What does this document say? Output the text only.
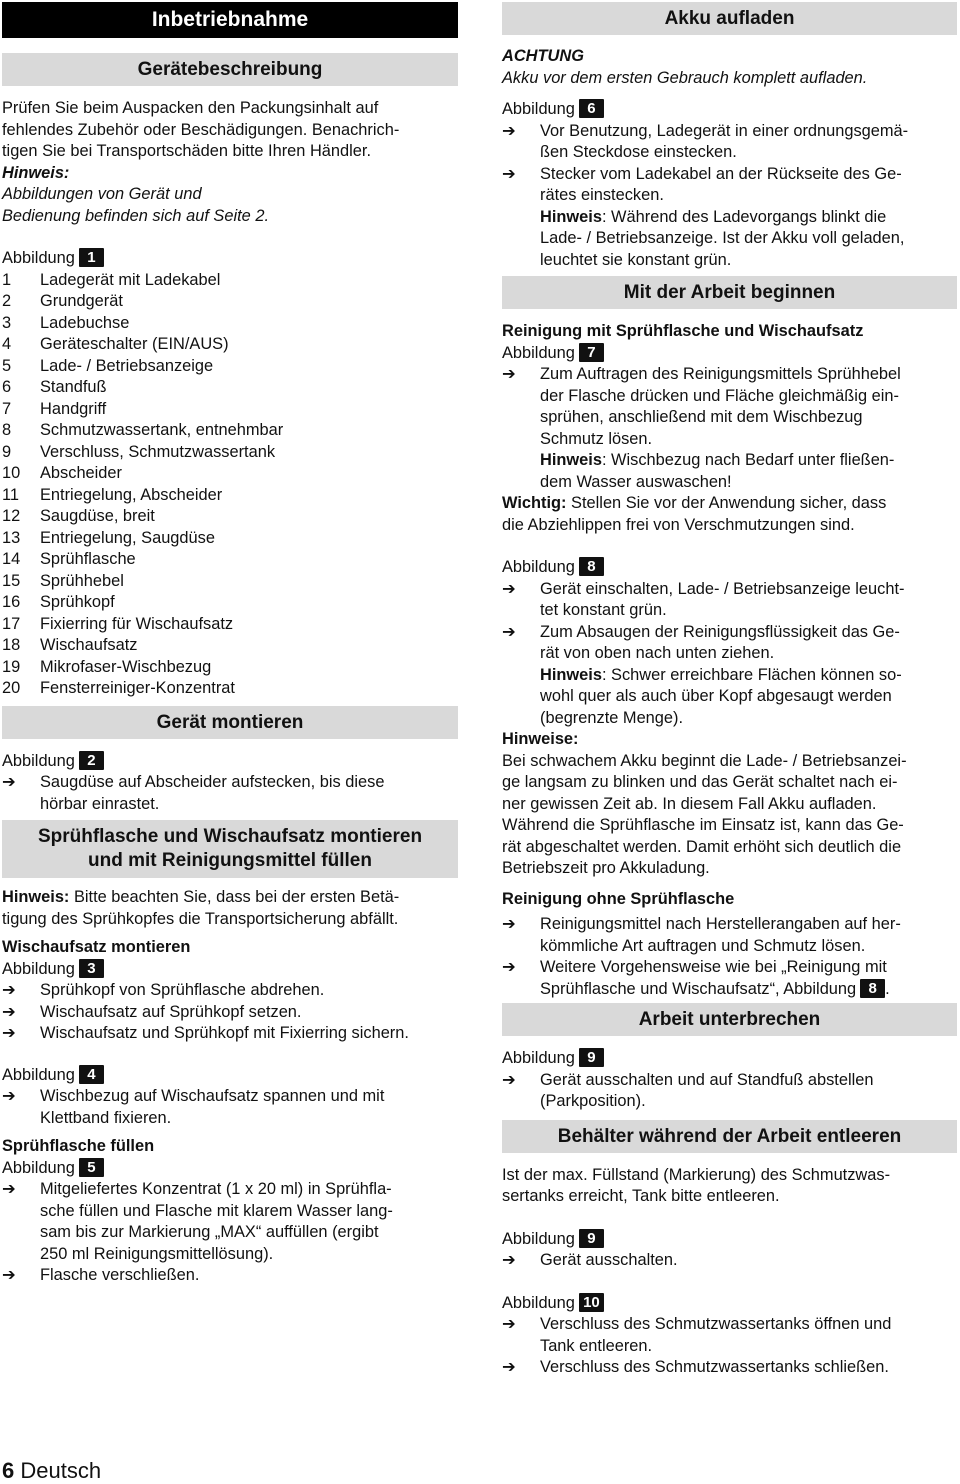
Inbetriebnahme
Gerätebeschreibung
Prüfen Sie beim Auspacken den Packungsinhalt auf
fehlendes Zubehör oder Beschädigungen. Benachrich-
tigen Sie bei Transportschäden bitte Ihren Händler.
Hinweis:
Abbildungen von Gerät und
Bedienung befinden sich auf Seite 2.
Abbildung 1
1 Ladegerät mit Ladekabel
2 Grundgerät
3 Ladebuchse
4 Geräteschalter (EIN/AUS)
5 Lade- / Betriebsanzeige
6 Standfuß
7 Handgriff
8 Schmutzwassertank, entnehmbar
9 Verschluss, Schmutzwassertank
10 Abscheider
11 Entriegelung, Abscheider
12 Saugdüse, breit
13 Entriegelung, Saugdüse
14 Sprühflasche
15 Sprühhebel
16 Sprühkopf
17 Fixierring für Wischaufsatz
18 Wischaufsatz
19 Mikrofaser-Wischbezug
20 Fensterreiniger-Konzentrat
Gerät montieren
Abbildung 2
➔ Saugdüse auf Abscheider aufstecken, bis diese
hörbar einrastet.
Sprühflasche und Wischaufsatz montieren
und mit Reinigungsmittel füllen
Hinweis: Bitte beachten Sie, dass bei der ersten Betä-
tigung des Sprühkopfes die Transportsicherung abfällt.
Wischaufsatz montieren
Abbildung 3
➔ Sprühkopf von Sprühflasche abdrehen.
➔ Wischaufsatz auf Sprühkopf setzen.
➔ Wischaufsatz und Sprühkopf mit Fixierring sichern.
Abbildung 4
➔ Wischbezug auf Wischaufsatz spannen und mit
Klettband fixieren.
Sprühflasche füllen
Abbildung 5
➔ Mitgeliefertes Konzentrat (1 x 20 ml) in Sprühfla-
sche füllen und Flasche mit klarem Wasser lang-
sam bis zur Markierung „MAX“ auffüllen (ergibt
250 ml Reinigungsmittellösung).
➔ Flasche verschließen.
Akku aufladen
ACHTUNG
Akku vor dem ersten Gebrauch komplett aufladen.
Abbildung 6
➔ Vor Benutzung, Ladegerät in einer ordnungsgemä-
ßen Steckdose einstecken.
➔ Stecker vom Ladekabel an der Rückseite des Ge-
rätes einstecken.
Hinweis: Während des Ladevorgangs blinkt die
Lade- / Betriebsanzeige. Ist der Akku voll geladen,
leuchtet sie konstant grün.
Mit der Arbeit beginnen
Reinigung mit Sprühflasche und Wischaufsatz
Abbildung 7
➔ Zum Auftragen des Reinigungsmittels Sprühhebel
der Flasche drücken und Fläche gleichmäßig ein-
sprühen, anschließend mit dem Wischbezug
Schmutz lösen.
Hinweis: Wischbezug nach Bedarf unter fließen-
dem Wasser auswaschen!
Wichtig: Stellen Sie vor der Anwendung sicher, dass
die Abziehlippen frei von Verschmutzungen sind.
Abbildung 8
➔ Gerät einschalten, Lade- / Betriebsanzeige leucht-
tet konstant grün.
➔ Zum Absaugen der Reinigungsflüssigkeit das Ge-
rät von oben nach unten ziehen.
Hinweis: Schwer erreichbare Flächen können so-
wohl quer als auch über Kopf abgesaugt werden
(begrenzte Menge).
Hinweise:
Bei schwachem Akku beginnt die Lade- / Betriebsanzei-
ge langsam zu blinken und das Gerät schaltet nach ei-
ner gewissen Zeit ab. In diesem Fall Akku aufladen.
Während die Sprühflasche im Einsatz ist, kann das Ge-
rät abgeschaltet werden. Damit erhöht sich deutlich die
Betriebszeit pro Akkuladung.
Reinigung ohne Sprühflasche
➔ Reinigungsmittel nach Herstellerangaben auf her-
kömmliche Art auftragen und Schmutz lösen.
➔ Weitere Vorgehensweise wie bei „Reinigung mit
Sprühflasche und Wischaufsatz“, Abbildung 8 .
Arbeit unterbrechen
Abbildung 9
➔ Gerät ausschalten und auf Standfuß abstellen
(Parkposition).
Behälter während der Arbeit entleeren
Ist der max. Füllstand (Markierung) des Schmutzwas-
sertanks erreicht, Tank bitte entleeren.
Abbildung 9
➔ Gerät ausschalten.
Abbildung 10
➔ Verschluss des Schmutzwassertanks öffnen und
Tank entleeren.
➔ Verschluss des Schmutzwassertanks schließen.
6 Deutsch
